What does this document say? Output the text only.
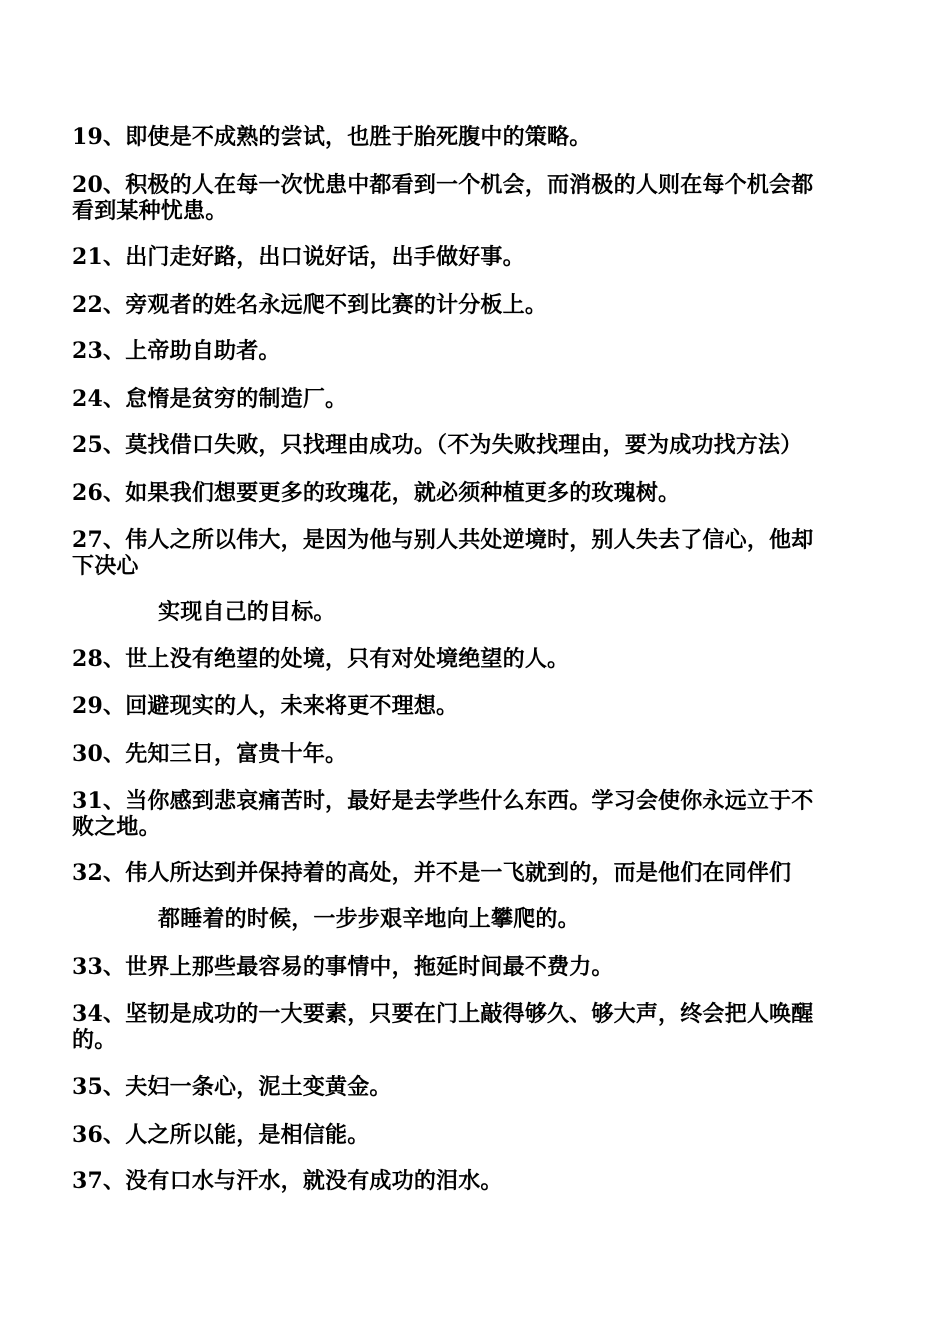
19、即使是不成熟的尝试，也胜于胎死腹中的策略。
20、积极的人在每一次忧患中都看到一个机会，而消极的人则在每个机会都
看到某种忧患。
21、出门走好路，出口说好话，出手做好事。
22、旁观者的姓名永远爬不到比赛的计分板上。
23、上帝助自助者。
24、怠惰是贫穷的制造厂。
25、莫找借口失败，只找理由成功。（不为失败找理由，要为成功找方法）
26、如果我们想要更多的玫瑰花，就必须种植更多的玫瑰树。
27、伟人之所以伟大，是因为他与别人共处逆境时，别人失去了信心，他却
下决心
实现自己的目标。
28、世上没有绝望的处境，只有对处境绝望的人。
29、回避现实的人，未来将更不理想。
30、先知三日，富贵十年。
31、当你感到悲哀痛苦时，最好是去学些什么东西。学习会使你永远立于不
败之地。
32、伟人所达到并保持着的高处，并不是一飞就到的，而是他们在同伴们
都睡着的时候，一步步艰辛地向上攀爬的。
33、世界上那些最容易的事情中，拖延时间最不费力。
34、坚韧是成功的一大要素，只要在门上敲得够久、够大声，终会把人唤醒
的。
35、夫妇一条心，泥土变黄金。
36、人之所以能，是相信能。
37、没有口水与汗水，就没有成功的泪水。
